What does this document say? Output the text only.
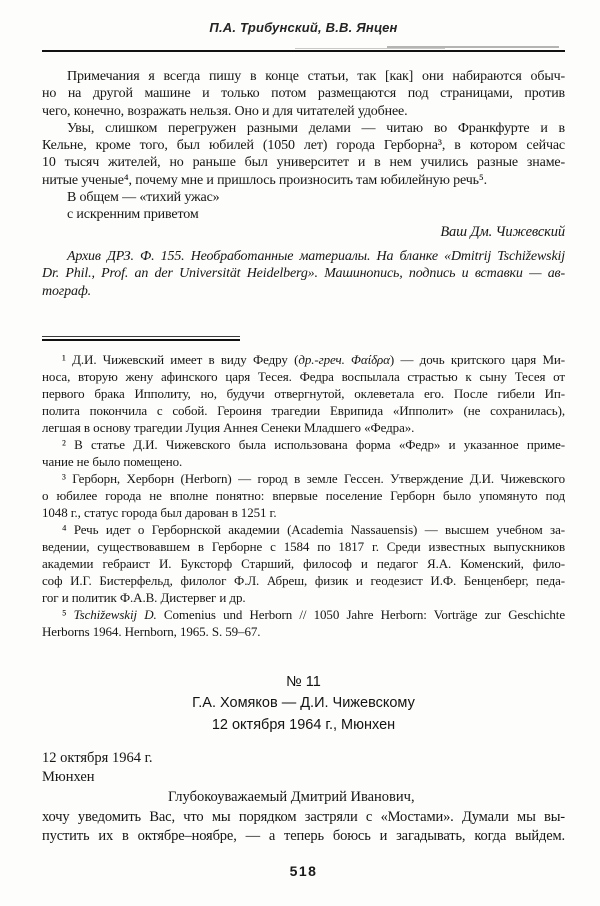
П.А. Трибунский, В.В. Янцен
Примечания я всегда пишу в конце статьи, так [как] они набираются обыч-
но на другой машине и только потом размещаются под страницами, против
чего, конечно, возражать нельзя. Оно и для читателей удобнее.
Увы, слишком перегружен разными делами — читаю во Франкфурте и в
Кельне, кроме того, был юбилей (1050 лет) города Герборна³, в котором сейчас
10 тысяч жителей, но раньше был университет и в нем учились разные знаме-
нитые ученые⁴, почему мне и пришлось произносить там юбилейную речь⁵.
В общем — «тихий ужас»
с искренним приветом
Ваш Дм. Чижевский
Архив ДРЗ. Ф. 155. Необработанные материалы. На бланке «Dmitrij Tschižewskij
Dr. Phil., Prof. an der Universität Heidelberg». Машинопись, подпись и вставки — ав-
тограф.
¹ Д.И. Чижевский имеет в виду Федру (др.-греч. Φαίδρα) — дочь критского царя Ми-
носа, вторую жену афинского царя Тесея. Федра воспылала страстью к сыну Тесея от
первого брака Ипполиту, но, будучи отвергнутой, оклеветала его. После гибели Ип-
полита покончила с собой. Героиня трагедии Еврипида «Ипполит» (не сохранилась),
легшая в основу трагедии Луция Аннея Сенеки Младшего «Федра».
² В статье Д.И. Чижевского была использована форма «Федр» и указанное приме-
чание не было помещено.
³ Герборн, Херборн (Herborn) — город в земле Гессен. Утверждение Д.И. Чижевского
о юбилее города не вполне понятно: впервые поселение Герборн было упомянуто под
1048 г., статус города был дарован в 1251 г.
⁴ Речь идет о Герборнской академии (Academia Nassauensis) — высшем учебном за-
ведении, существовавшем в Герборне с 1584 по 1817 г. Среди известных выпускников
академии гебраист И. Буксторф Старший, философ и педагог Я.А. Коменский, фило-
соф И.Г. Бистерфельд, филолог Ф.Л. Абреш, физик и геодезист И.Ф. Бенценберг, педа-
гог и политик Ф.А.В. Дистервег и др.
⁵ Tschižewskij D. Comenius und Herborn // 1050 Jahre Herborn: Vorträge zur Geschichte
Herborns 1964. Hernborn, 1965. S. 59–67.
№ 11
Г.А. Хомяков — Д.И. Чижевскому
12 октября 1964 г., Мюнхен
12 октября 1964 г.
Мюнхен
Глубокоуважаемый Дмитрий Иванович,
хочу уведомить Вас, что мы порядком застряли с «Мостами». Думали мы вы-
пустить их в октябре–ноябре, — а теперь боюсь и загадывать, когда выйдем.
518
